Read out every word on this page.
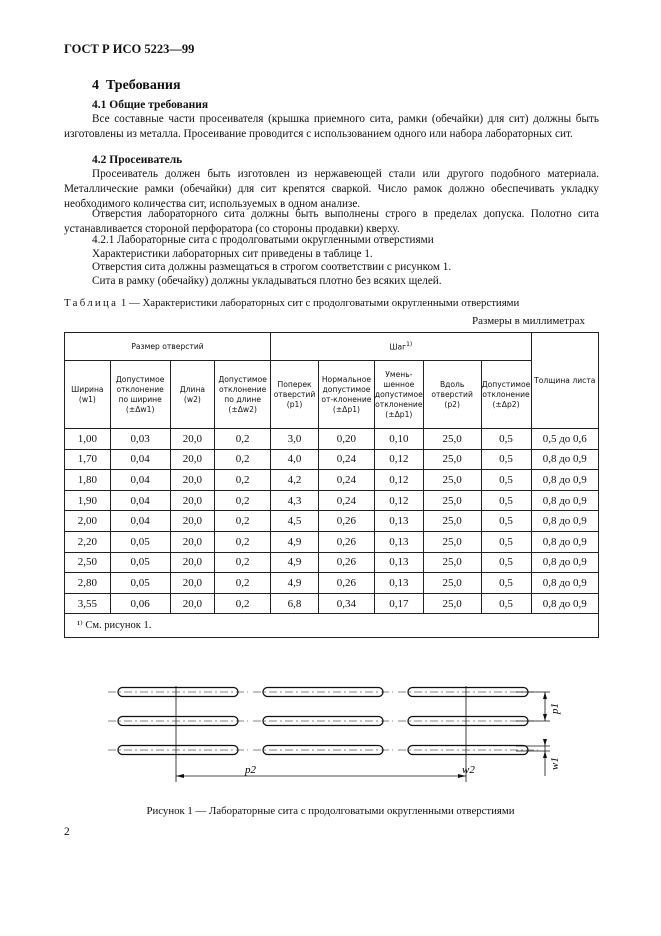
ГОСТ Р ИСО 5223—99
4 Требования
4.1 Общие требования
Все составные части просеивателя (крышка приемного сита, рамки (обечайки) для сит) должны быть изготовлены из металла. Просеивание проводится с использованием одного или набора лабораторных сит.
4.2 Просеиватель
Просеиватель должен быть изготовлен из нержавеющей стали или другого подобного материала. Металлические рамки (обечайки) для сит крепятся сваркой. Число рамок должно обеспечивать укладку необходимого количества сит, используемых в одном анализе.
Отверстия лабораторного сита должны быть выполнены строго в пределах допуска. Полотно сита устанавливается стороной перфоратора (со стороны продавки) кверху.
4.2.1 Лабораторные сита с продолговатыми округленными отверстиями
Характеристики лабораторных сит приведены в таблице 1.
Отверстия сита должны размещаться в строгом соответствии с рисунком 1.
Сита в рамку (обечайку) должны укладываться плотно без всяких щелей.
Таблица 1 — Характеристики лабораторных сит с продолговатыми округленными отверстиями
Размеры в миллиметрах
Размер отверстий				Шаг$^{1)}$					Толщина листа
Ширина (w1)	Допустимое отклонение по ширине (±Δw1)	Длина (w2)	Допустимое отклонение по длине (±Δw2)	Поперек отверстий (p1)	Нормальное допустимое от-клонение (±Δp1)	Умень-шенное допустимое отклонение (±Δp1)	Вдоль отверстий (p2)	Допустимое отклонение (±Δp2)	
1,00	0,03	20,0	0,2	3,0	0,20	0,10	25,0	0,5	0,5 до 0,6
1,70	0,04	20,0	0,2	4,0	0,24	0,12	25,0	0,5	0,8 до 0,9
1,80	0,04	20,0	0,2	4,2	0,24	0,12	25,0	0,5	0,8 до 0,9
1,90	0,04	20,0	0,2	4,3	0,24	0,12	25,0	0,5	0,8 до 0,9
2,00	0,04	20,0	0,2	4,5	0,26	0,13	25,0	0,5	0,8 до 0,9
2,20	0,05	20,0	0,2	4,9	0,26	0,13	25,0	0,5	0,8 до 0,9
2,50	0,05	20,0	0,2	4,9	0,26	0,13	25,0	0,5	0,8 до 0,9
2,80	0,05	20,0	0,2	4,9	0,26	0,13	25,0	0,5	0,8 до 0,9
3,55	0,06	20,0	0,2	6,8	0,34	0,17	25,0	0,5	0,8 до 0,9
¹⁾ См. рисунок 1.									
p2	w2
p1
w1
Рисунок 1 — Лабораторные сита с продолговатыми округленными отверстиями
2
